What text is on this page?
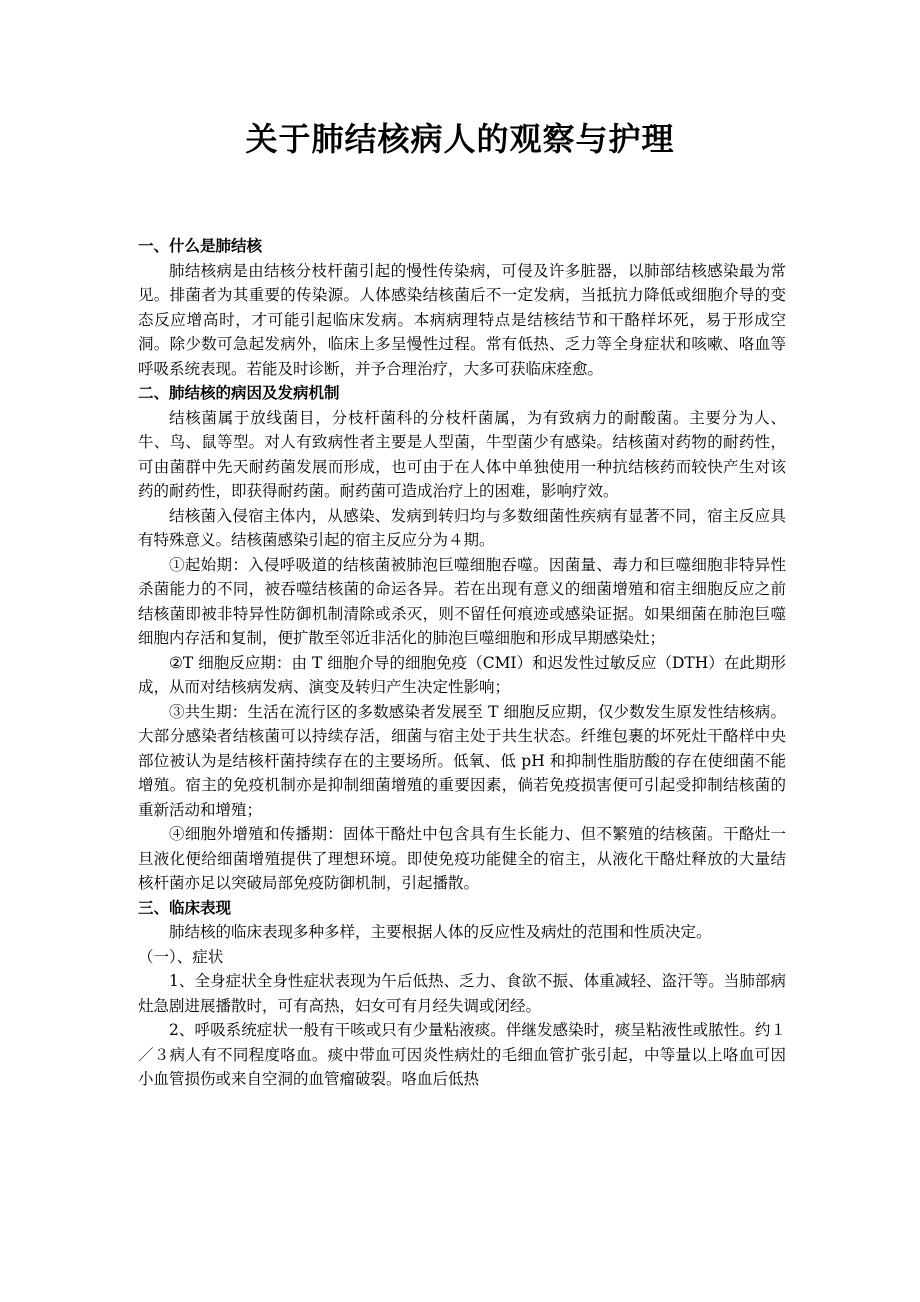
关于肺结核病人的观察与护理

一、什么是肺结核

肺结核病是由结核分枝杆菌引起的慢性传染病，可侵及许多脏器，以肺部结核感染最为常见。排菌者为其重要的传染源。人体感染结核菌后不一定发病，当抵抗力降低或细胞介导的变态反应增高时，才可能引起临床发病。本病病理特点是结核结节和干酪样坏死，易于形成空洞。除少数可急起发病外，临床上多呈慢性过程。常有低热、乏力等全身症状和咳嗽、咯血等呼吸系统表现。若能及时诊断，并予合理治疗，大多可获临床痊愈。

二、肺结核的病因及发病机制

结核菌属于放线菌目，分枝杆菌科的分枝杆菌属，为有致病力的耐酸菌。主要分为人、牛、鸟、鼠等型。对人有致病性者主要是人型菌，牛型菌少有感染。结核菌对药物的耐药性，可由菌群中先天耐药菌发展而形成，也可由于在人体中单独使用一种抗结核药而较快产生对该药的耐药性，即获得耐药菌。耐药菌可造成治疗上的困难，影响疗效。

结核菌入侵宿主体内，从感染、发病到转归均与多数细菌性疾病有显著不同，宿主反应具有特殊意义。结核菌感染引起的宿主反应分为４期。

①起始期：入侵呼吸道的结核菌被肺泡巨噬细胞吞噬。因菌量、毒力和巨噬细胞非特异性杀菌能力的不同，被吞噬结核菌的命运各异。若在出现有意义的细菌增殖和宿主细胞反应之前结核菌即被非特异性防御机制清除或杀灭，则不留任何痕迹或感染证据。如果细菌在肺泡巨噬细胞内存活和复制，便扩散至邻近非活化的肺泡巨噬细胞和形成早期感染灶；

②T 细胞反应期：由 T 细胞介导的细胞免疫（CMI）和迟发性过敏反应（DTH）在此期形成，从而对结核病发病、演变及转归产生决定性影响；

③共生期：生活在流行区的多数感染者发展至 T 细胞反应期，仅少数发生原发性结核病。大部分感染者结核菌可以持续存活，细菌与宿主处于共生状态。纤维包裹的坏死灶干酪样中央部位被认为是结核杆菌持续存在的主要场所。低氧、低 pH 和抑制性脂肪酸的存在使细菌不能增殖。宿主的免疫机制亦是抑制细菌增殖的重要因素，倘若免疫损害便可引起受抑制结核菌的重新活动和增殖；

④细胞外增殖和传播期：固体干酪灶中包含具有生长能力、但不繁殖的结核菌。干酪灶一旦液化便给细菌增殖提供了理想环境。即使免疫功能健全的宿主，从液化干酪灶释放的大量结核杆菌亦足以突破局部免疫防御机制，引起播散。

三、临床表现

肺结核的临床表现多种多样，主要根据人体的反应性及病灶的范围和性质决定。

（一）、症状

1、全身症状全身性症状表现为午后低热、乏力、食欲不振、体重减轻、盗汗等。当肺部病灶急剧进展播散时，可有高热，妇女可有月经失调或闭经。

2、呼吸系统症状一般有干咳或只有少量粘液痰。伴继发感染时，痰呈粘液性或脓性。约１／３病人有不同程度咯血。痰中带血可因炎性病灶的毛细血管扩张引起，中等量以上咯血可因小血管损伤或来自空洞的血管瘤破裂。咯血后低热
